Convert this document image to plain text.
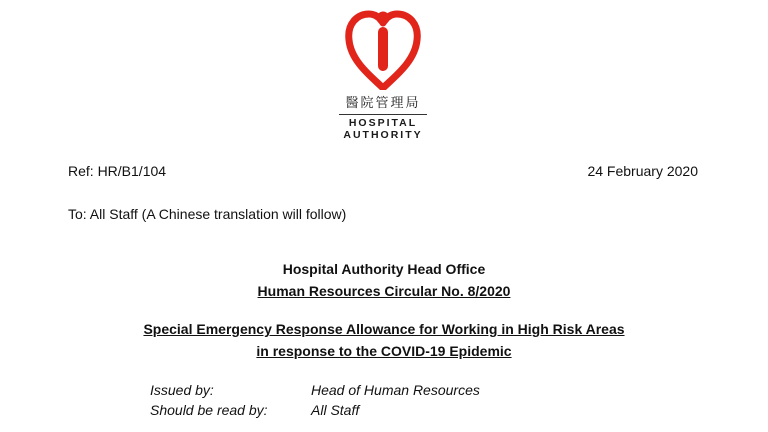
醫院管理局
HOSPITAL
AUTHORITY
Ref: HR/B1/104	24 February 2020
To: All Staff (A Chinese translation will follow)
Hospital Authority Head Office
Human Resources Circular No. 8/2020
Special Emergency Response Allowance for Working in High Risk Areas
in response to the COVID-19 Epidemic
Issued by:	Head of Human Resources
Should be read by:	All Staff
